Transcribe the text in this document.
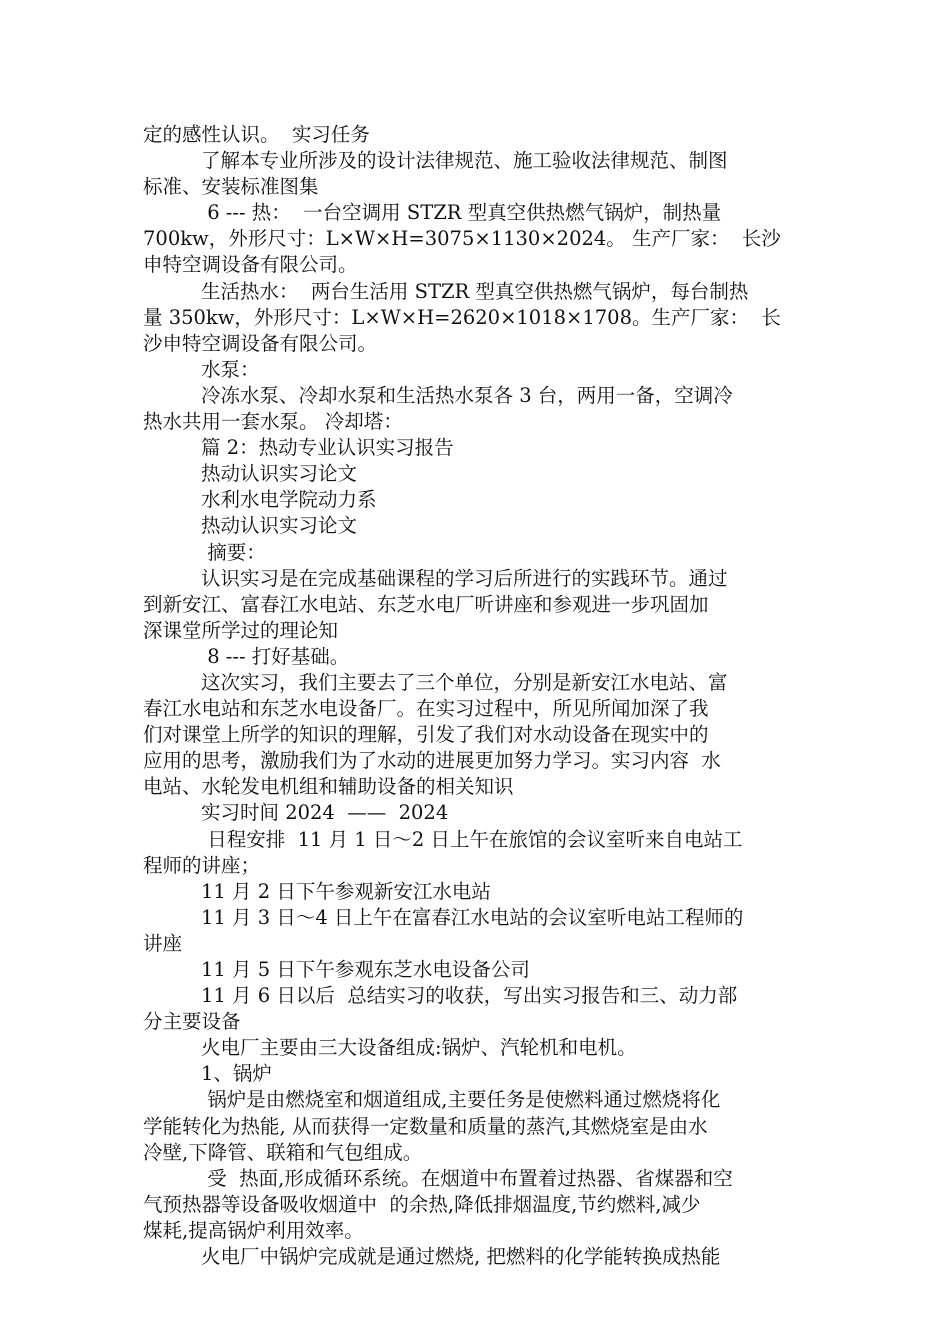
定的感性认识。  实习任务
了解本专业所涉及的设计法律规范、施工验收法律规范、制图
标准、安装标准图集
6 --- 热：  一台空调用 STZR 型真空供热燃气锅炉，制热量
700kw，外形尺寸：L×W×H=3075×1130×2024。 生产厂家：  长沙
申特空调设备有限公司。
生活热水：  两台生活用 STZR 型真空供热燃气锅炉，每台制热
量 350kw，外形尺寸：L×W×H=2620×1018×1708。生产厂家：  长
沙申特空调设备有限公司。
水泵：
冷冻水泵、冷却水泵和生活热水泵各 3 台，两用一备，空调冷
热水共用一套水泵。 冷却塔：
篇 2：热动专业认识实习报告
热动认识实习论文
水利水电学院动力系
热动认识实习论文
摘要：
认识实习是在完成基础课程的学习后所进行的实践环节。通过
到新安江、富春江水电站、东芝水电厂听讲座和参观进一步巩固加
深课堂所学过的理论知
8 --- 打好基础。
这次实习，我们主要去了三个单位，分别是新安江水电站、富
春江水电站和东芝水电设备厂。在实习过程中，所见所闻加深了我
们对课堂上所学的知识的理解，引发了我们对水动设备在现实中的
应用的思考，激励我们为了水动的进展更加努力学习。实习内容  水
电站、水轮发电机组和辅助设备的相关知识
实习时间 2024  ——  2024
日程安排  11 月 1 日～2 日上午在旅馆的会议室听来自电站工
程师的讲座；
11 月 2 日下午参观新安江水电站
11 月 3 日～4 日上午在富春江水电站的会议室听电站工程师的
讲座
11 月 5 日下午参观东芝水电设备公司
11 月 6 日以后  总结实习的收获，写出实习报告和三、动力部
分主要设备
火电厂主要由三大设备组成:锅炉、汽轮机和电机。
1、锅炉
锅炉是由燃烧室和烟道组成,主要任务是使燃料通过燃烧将化
学能转化为热能, 从而获得一定数量和质量的蒸汽,其燃烧室是由水
冷壁,下降管、联箱和气包组成。
受  热面,形成循环系统。在烟道中布置着过热器、省煤器和空
气预热器等设备吸收烟道中  的余热,降低排烟温度,节约燃料,减少
煤耗,提高锅炉利用效率。
火电厂中锅炉完成就是通过燃烧, 把燃料的化学能转换成热能
